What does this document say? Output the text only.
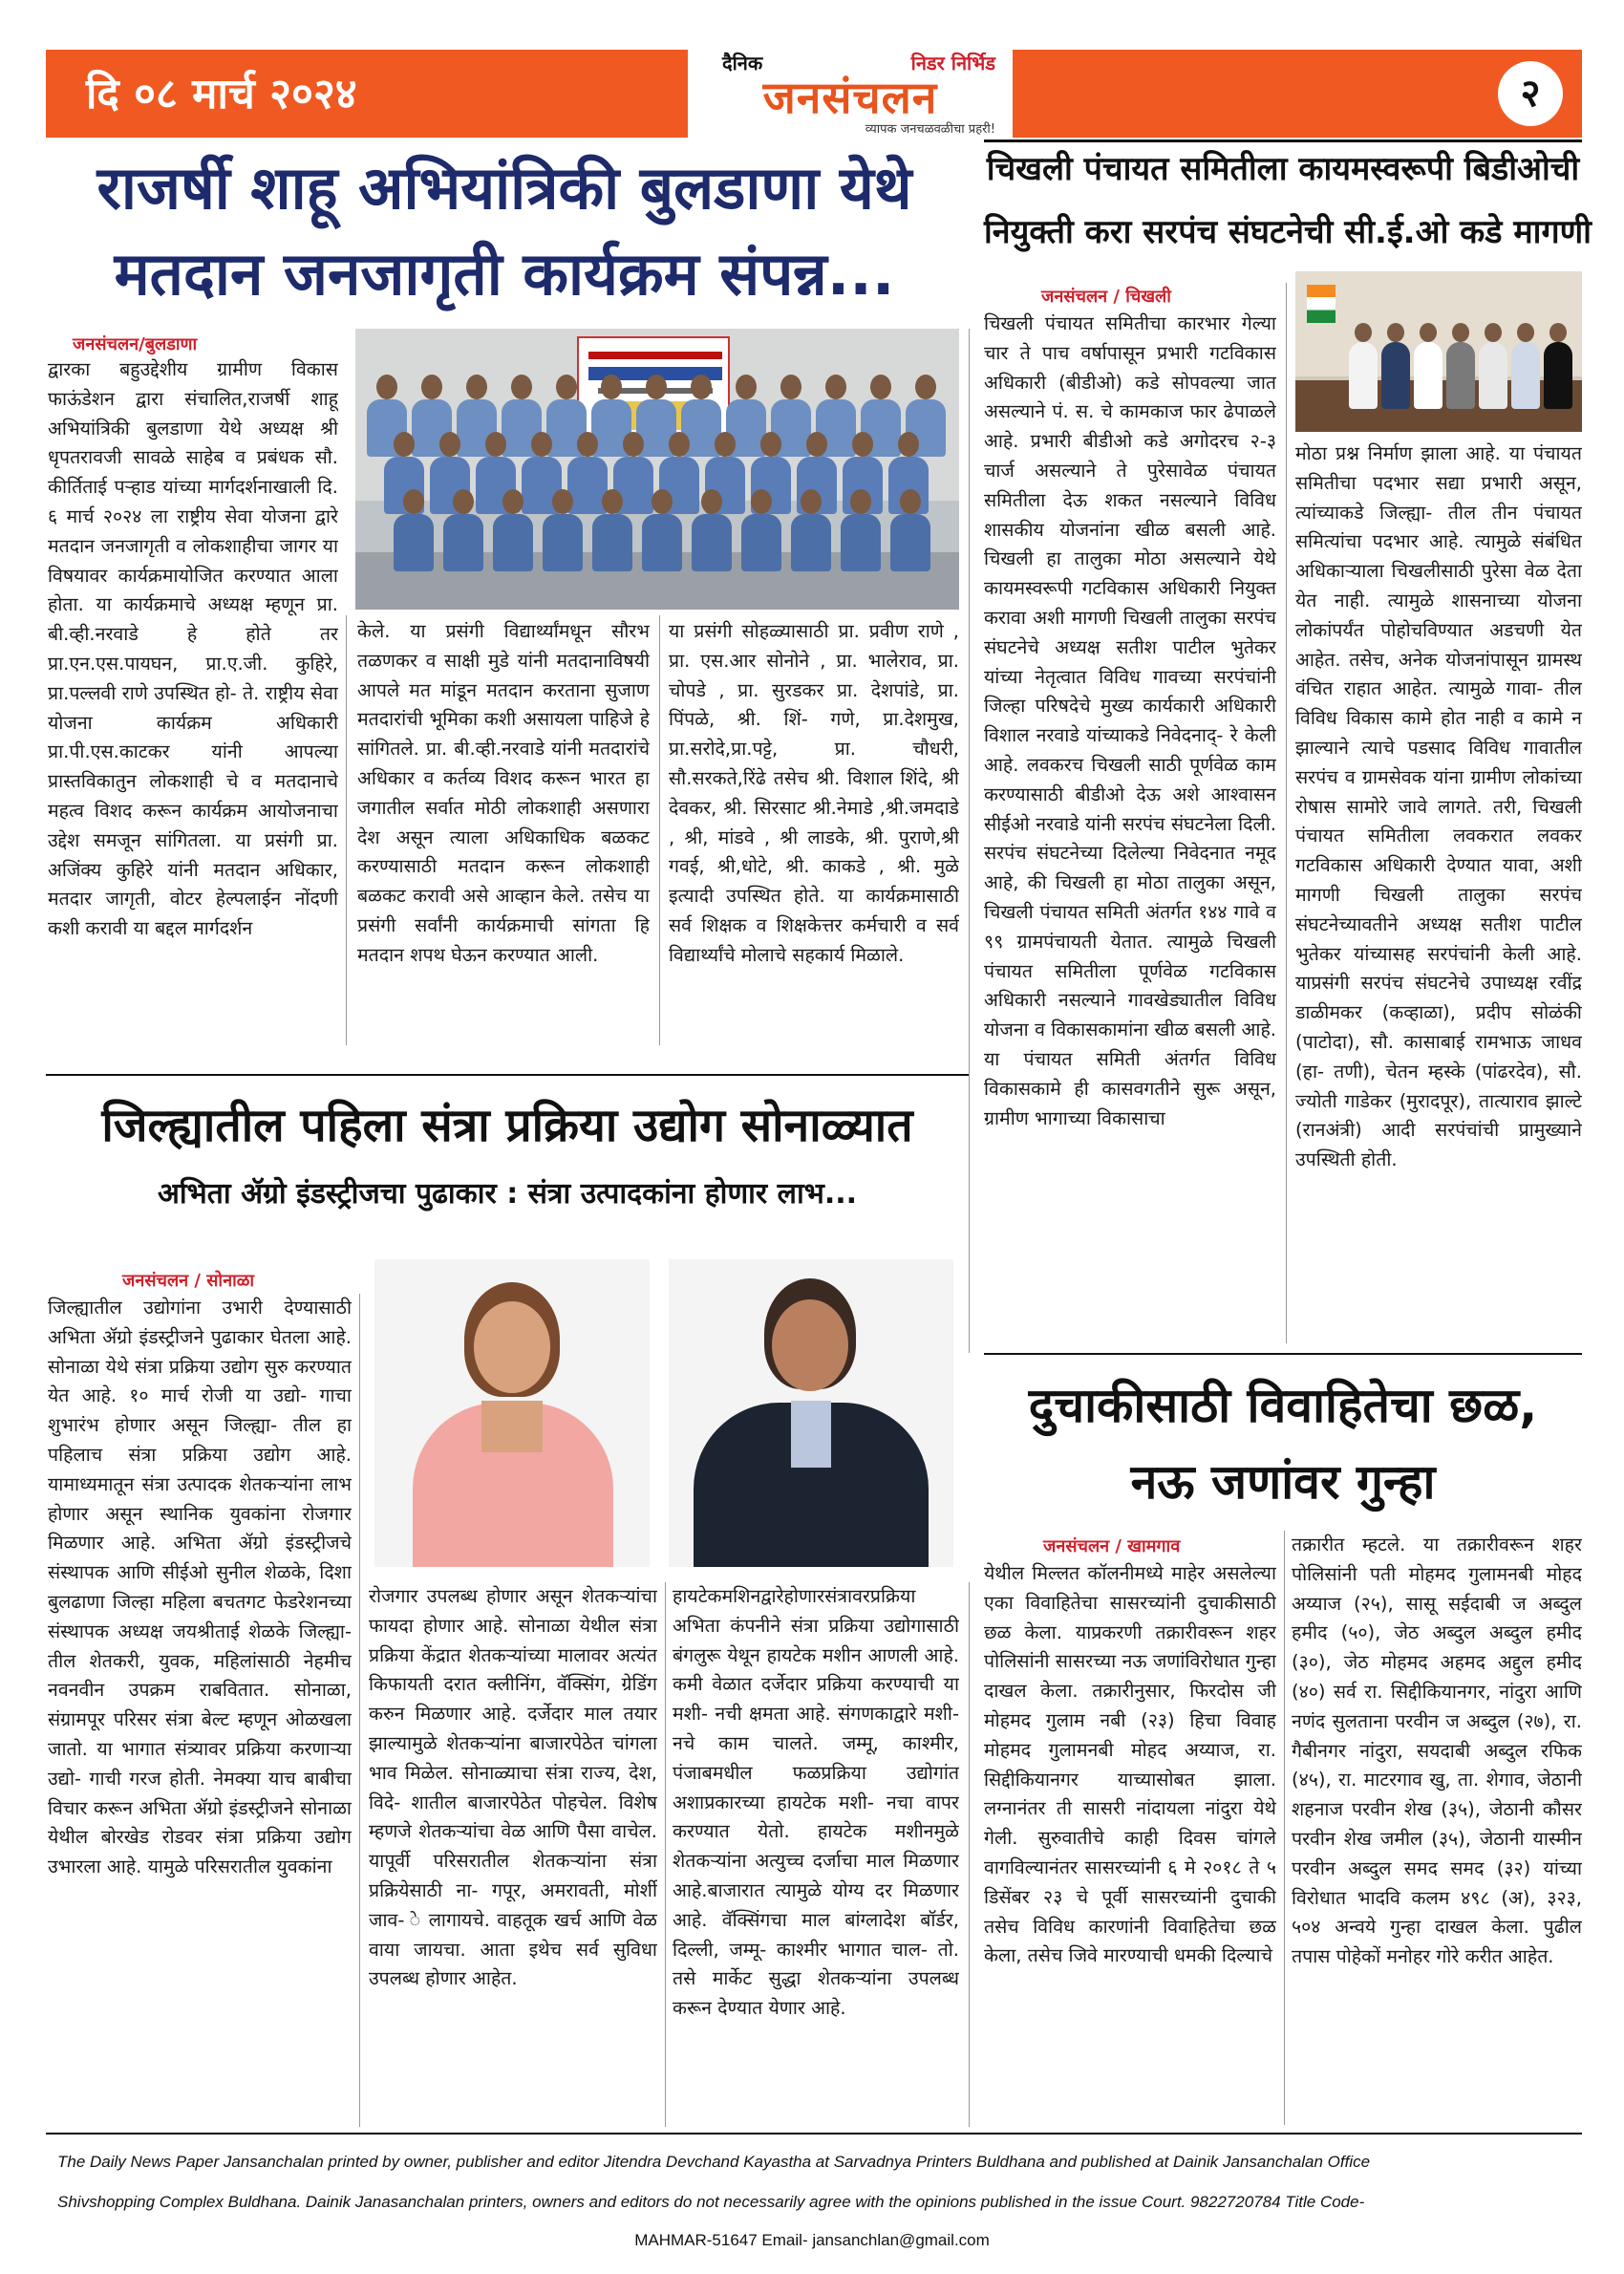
दि ०८ मार्च २०२४
दैनिक	निडर निर्भिड
जनसंचलन
व्यापक जनचळवळीचा प्रहरी!
२
राजर्षी शाहू अभियांत्रिकी बुलडाणा येथे
मतदान जनजागृती कार्यक्रम संपन्न...
जनसंचलन/बुलडाणा
द्वारका बहुउद्देशीय ग्रामीण विकास फाऊंडेशन द्वारा संचालित,राजर्षी शाहू अभियांत्रिकी बुलडाणा येथे अध्यक्ष श्री धृपतरावजी सावळे साहेब व प्रबंधक सौ. कीर्तिताई पऱ्हाड यांच्या मार्गदर्शनाखाली दि. ६ मार्च २०२४ ला राष्ट्रीय सेवा योजना द्वारे मतदान जनजागृती व लोकशाहीचा जागर या विषयावर कार्यक्रमायोजित करण्यात आला होता. या कार्यक्रमाचे अध्यक्ष म्हणून प्रा. बी.व्ही.नरवाडे हे होते तर प्रा.एन.एस.पायघन, प्रा.ए.जी. कुहिरे, प्रा.पल्लवी राणे उपस्थित हो- ते. राष्ट्रीय सेवा योजना कार्यक्रम अधिकारी प्रा.पी.एस.काटकर यांनी आपल्या प्रास्तविकातुन लोकशाही चे व मतदानाचे महत्व विशद करून कार्यक्रम आयोजनाचा उद्देश समजून सांगितला. या प्रसंगी प्रा. अजिंक्य कुहिरे यांनी मतदान अधिकार, मतदार जागृती, वोटर हेल्पलाईन नोंदणी कशी करावी या बद्दल मार्गदर्शन
केले. या प्रसंगी विद्यार्थ्यांमधून सौरभ तळणकर व साक्षी मुडे यांनी मतदानाविषयी आपले मत मांडून मतदान करताना सुजाण मतदारांची भूमिका कशी असायला पाहिजे हे सांगितले. प्रा. बी.व्ही.नरवाडे यांनी मतदारांचे अधिकार व कर्तव्य विशद करून भारत हा जगातील सर्वात मोठी लोकशाही असणारा देश असून त्याला अधिकाधिक बळकट करण्यासाठी मतदान करून लोकशाही बळकट करावी असे आव्हान केले. तसेच या प्रसंगी सर्वांनी कार्यक्रमाची सांगता हि मतदान शपथ घेऊन करण्यात आली.
या प्रसंगी सोहळ्यासाठी प्रा. प्रवीण राणे , प्रा. एस.आर सोनोने , प्रा. भालेराव, प्रा. चोपडे , प्रा. सुरडकर प्रा. देशपांडे, प्रा. पिंपळे, श्री. शिं- गणे, प्रा.देशमुख, प्रा.सरोदे,प्रा.पट्टे, प्रा. चौधरी, सौ.सरकते,रिंढे तसेच श्री. विशाल शिंदे, श्री देवकर, श्री. सिरसाट श्री.नेमाडे ,श्री.जमदाडे , श्री, मांडवे , श्री लाडके, श्री. पुराणे,श्री गवई, श्री,धोटे, श्री. काकडे , श्री. मुळे इत्यादी उपस्थित होते. या कार्यक्रमासाठी सर्व शिक्षक व शिक्षकेत्तर कर्मचारी व सर्व विद्यार्थ्यांचे मोलाचे सहकार्य मिळाले.
चिखली पंचायत समितीला कायमस्वरूपी बिडीओची
नियुक्ती करा सरपंच संघटनेची सी.ई.ओ कडे मागणी
जनसंचलन / चिखली
चिखली पंचायत समितीचा कारभार गेल्या चार ते पाच वर्षापासून प्रभारी गटविकास अधिकारी (बीडीओ) कडे सोपवल्या जात असल्याने पं. स. चे कामकाज फार ढेपाळले आहे. प्रभारी बीडीओ कडे अगोदरच २-३ चार्ज असल्याने ते पुरेसावेळ पंचायत समितीला देऊ शकत नसल्याने विविध शासकीय योजनांना खीळ बसली आहे. चिखली हा तालुका मोठा असल्याने येथे कायमस्वरूपी गटविकास अधिकारी नियुक्त करावा अशी मागणी चिखली तालुका सरपंच संघटनेचे अध्यक्ष सतीश पाटील भुतेकर यांच्या नेतृत्वात विविध गावच्या सरपंचांनी जिल्हा परिषदेचे मुख्य कार्यकारी अधिकारी विशाल नरवाडे यांच्याकडे निवेदनाद्- रे केली आहे. लवकरच चिखली साठी पूर्णवेळ काम करण्यासाठी बीडीओ देऊ अशे आश्वासन सीईओ नरवाडे यांनी सरपंच संघटनेला दिली. सरपंच संघटनेच्या दिलेल्या निवेदनात नमूद आहे, की चिखली हा मोठा तालुका असून, चिखली पंचायत समिती अंतर्गत १४४ गावे व ९९ ग्रामपंचायती येतात. त्यामुळे चिखली पंचायत समितीला पूर्णवेळ गटविकास अधिकारी नसल्याने गावखेड्यातील विविध योजना व विकासकामांना खीळ बसली आहे. या पंचायत समिती अंतर्गत विविध विकासकामे ही कासवगतीने सुरू असून, ग्रामीण भागाच्या विकासाचा
मोठा प्रश्न निर्माण झाला आहे. या पंचायत समितीचा पदभार सद्या प्रभारी असून, त्यांच्याकडे जिल्ह्या- तील तीन पंचायत समित्यांचा पदभार आहे. त्यामुळे संबंधित अधिकाऱ्याला चिखलीसाठी पुरेसा वेळ देता येत नाही. त्यामुळे शासनाच्या योजना लोकांपर्यंत पोहोचविण्यात अडचणी येत आहेत. तसेच, अनेक योजनांपासून ग्रामस्थ वंचित राहात आहेत. त्यामुळे गावा- तील विविध विकास कामे होत नाही व कामे न झाल्याने त्याचे पडसाद विविध गावातील सरपंच व ग्रामसेवक यांना ग्रामीण लोकांच्या रोषास सामोरे जावे लागते. तरी, चिखली पंचायत समितीला लवकरात लवकर गटविकास अधिकारी देण्यात यावा, अशी मागणी चिखली तालुका सरपंच संघटनेच्यावतीने अध्यक्ष सतीश पाटील भुतेकर यांच्यासह सरपंचांनी केली आहे. याप्रसंगी सरपंच संघटनेचे उपाध्यक्ष रवींद्र डाळीमकर (कव्हाळा), प्रदीप सोळंकी (पाटोदा), सौ. कासाबाई रामभाऊ जाधव (हा- तणी), चेतन म्हस्के (पांढरदेव), सौ. ज्योती गाडेकर (मुरादपूर), तात्याराव झाल्टे (रानअंत्री) आदी सरपंचांची प्रामुख्याने उपस्थिती होती.
जिल्ह्यातील पहिला संत्रा प्रक्रिया उद्योग सोनाळ्यात
अभिता ॲग्रो इंडस्ट्रीजचा पुढाकार : संत्रा उत्पादकांना होणार लाभ...
जनसंचलन / सोनाळा
जिल्ह्यातील उद्योगांना उभारी देण्यासाठी अभिता ॲग्रो इंडस्ट्रीजने पुढाकार घेतला आहे. सोनाळा येथे संत्रा प्रक्रिया उद्योग सुरु करण्यात येत आहे. १० मार्च रोजी या उद्यो- गाचा शुभारंभ होणार असून जिल्ह्या- तील हा पहिलाच संत्रा प्रक्रिया उद्योग आहे. यामाध्यमातून संत्रा उत्पादक शेतकऱ्यांना लाभ होणार असून स्थानिक युवकांना रोजगार मिळणार आहे. अभिता ॲग्रो इंडस्ट्रीजचे संस्थापक आणि सीईओ सुनील शेळके, दिशा बुलढाणा जिल्हा महिला बचतगट फेडरेशनच्या संस्थापक अध्यक्ष जयश्रीताई शेळके जिल्ह्या- तील शेतकरी, युवक, महिलांसाठी नेहमीच नवनवीन उपक्रम राबवितात. सोनाळा, संग्रामपूर परिसर संत्रा बेल्ट म्हणून ओळखला जातो. या भागात संत्र्यावर प्रक्रिया करणाऱ्या उद्यो- गाची गरज होती. नेमक्या याच बाबीचा विचार करून अभिता ॲग्रो इंडस्ट्रीजने सोनाळा येथील बोरखेड रोडवर संत्रा प्रक्रिया उद्योग उभारला आहे. यामुळे परिसरातील युवकांना
रोजगार उपलब्ध होणार असून शेतकऱ्यांचा फायदा होणार आहे. सोनाळा येथील संत्रा प्रक्रिया केंद्रात शेतकऱ्यांच्या मालावर अत्यंत किफायती दरात क्लीनिंग, वॅक्सिंग, ग्रेडिंग करुन मिळणार आहे. दर्जेदार माल तयार झाल्यामुळे शेतकऱ्यांना बाजारपेठेत चांगला भाव मिळेल. सोनाळ्याचा संत्रा राज्य, देश, विदे- शातील बाजारपेठेत पोहचेल. विशेष म्हणजे शेतकऱ्यांचा वेळ आणि पैसा वाचेल. यापूर्वी परिसरातील शेतकऱ्यांना संत्रा प्रक्रियेसाठी ना- गपूर, अमरावती, मोर्शी जाव- े लागायचे. वाहतूक खर्च आणि वेळ वाया जायचा. आता इथेच सर्व सुविधा उपलब्ध होणार आहेत.
हायटेकमशिनद्वारेहोणारसंत्रावरप्रक्रिया अभिता कंपनीने संत्रा प्रक्रिया उद्योगासाठी बंगलुरू येथून हायटेक मशीन आणली आहे. कमी वेळात दर्जेदार प्रक्रिया करण्याची या मशी- नची क्षमता आहे. संगणकाद्वारे मशी- नचे काम चालते. जम्मू, काश्मीर, पंजाबमधील फळप्रक्रिया उद्योगांत अशाप्रकारच्या हायटेक मशी- नचा वापर करण्यात येतो. हायटेक मशीनमुळे शेतकऱ्यांना अत्युच्च दर्जाचा माल मिळणार आहे.बाजारात त्यामुळे योग्य दर मिळणार आहे. वॅक्सिंगचा माल बांग्लादेश बॉर्डर, दिल्ली, जम्मू- काश्मीर भागात चाल- तो. तसे मार्केट सुद्धा शेतकऱ्यांना उपलब्ध करून देण्यात येणार आहे.
दुचाकीसाठी विवाहितेचा छळ,
नऊ जणांवर गुन्हा
जनसंचलन / खामगाव
येथील मिल्लत कॉलनीमध्ये माहेर असलेल्या एका विवाहितेचा सासरच्यांनी दुचाकीसाठी छळ केला. याप्रकरणी तक्रारीवरून शहर पोलिसांनी सासरच्या नऊ जणांविरोधात गुन्हा दाखल केला. तक्रारीनुसार, फिरदोस जी मोहमद गुलाम नबी (२३) हिचा विवाह मोहमद गुलामनबी मोहद अय्याज, रा. सिद्दीकियानगर याच्यासोबत झाला. लग्नानंतर ती सासरी नांदायला नांदुरा येथे गेली. सुरुवातीचे काही दिवस चांगले वागविल्यानंतर सासरच्यांनी ६ मे २०१८ ते ५ डिसेंबर २३ चे पूर्वी सासरच्यांनी दुचाकी तसेच विविध कारणांनी विवाहितेचा छळ केला, तसेच जिवे मारण्याची धमकी दिल्याचे
तक्रारीत म्हटले. या तक्रारीवरून शहर पोलिसांनी पती मोहमद गुलामनबी मोहद अय्याज (२५), सासू सईदाबी ज अब्दुल हमीद (५०), जेठ अब्दुल अब्दुल हमीद (३०), जेठ मोहमद अहमद अद्दुल हमीद (४०) सर्व रा. सिद्दीकियानगर, नांदुरा आणि नणंद सुलताना परवीन ज अब्दुल (२७), रा. गैबीनगर नांदुरा, सयदाबी अब्दुल रफिक (४५), रा. माटरगाव खु, ता. शेगाव, जेठानी शहनाज परवीन शेख (३५), जेठानी कौसर परवीन शेख जमील (३५), जेठानी यास्मीन परवीन अब्दुल समद समद (३२) यांच्या विरोधात भादवि कलम ४९८ (अ), ३२३, ५०४ अन्वये गुन्हा दाखल केला. पुढील तपास पोहेकों मनोहर गोरे करीत आहेत.
The Daily News Paper Jansanchalan printed by owner, publisher and editor Jitendra Devchand Kayastha at Sarvadnya Printers Buldhana and published at Dainik Jansanchalan Office
Shivshopping Complex Buldhana. Dainik Janasanchalan printers, owners and editors do not necessarily agree with the opinions published in the issue Court. 9822720784 Title Code-
MAHMAR-51647 Email- jansanchlan@gmail.com
